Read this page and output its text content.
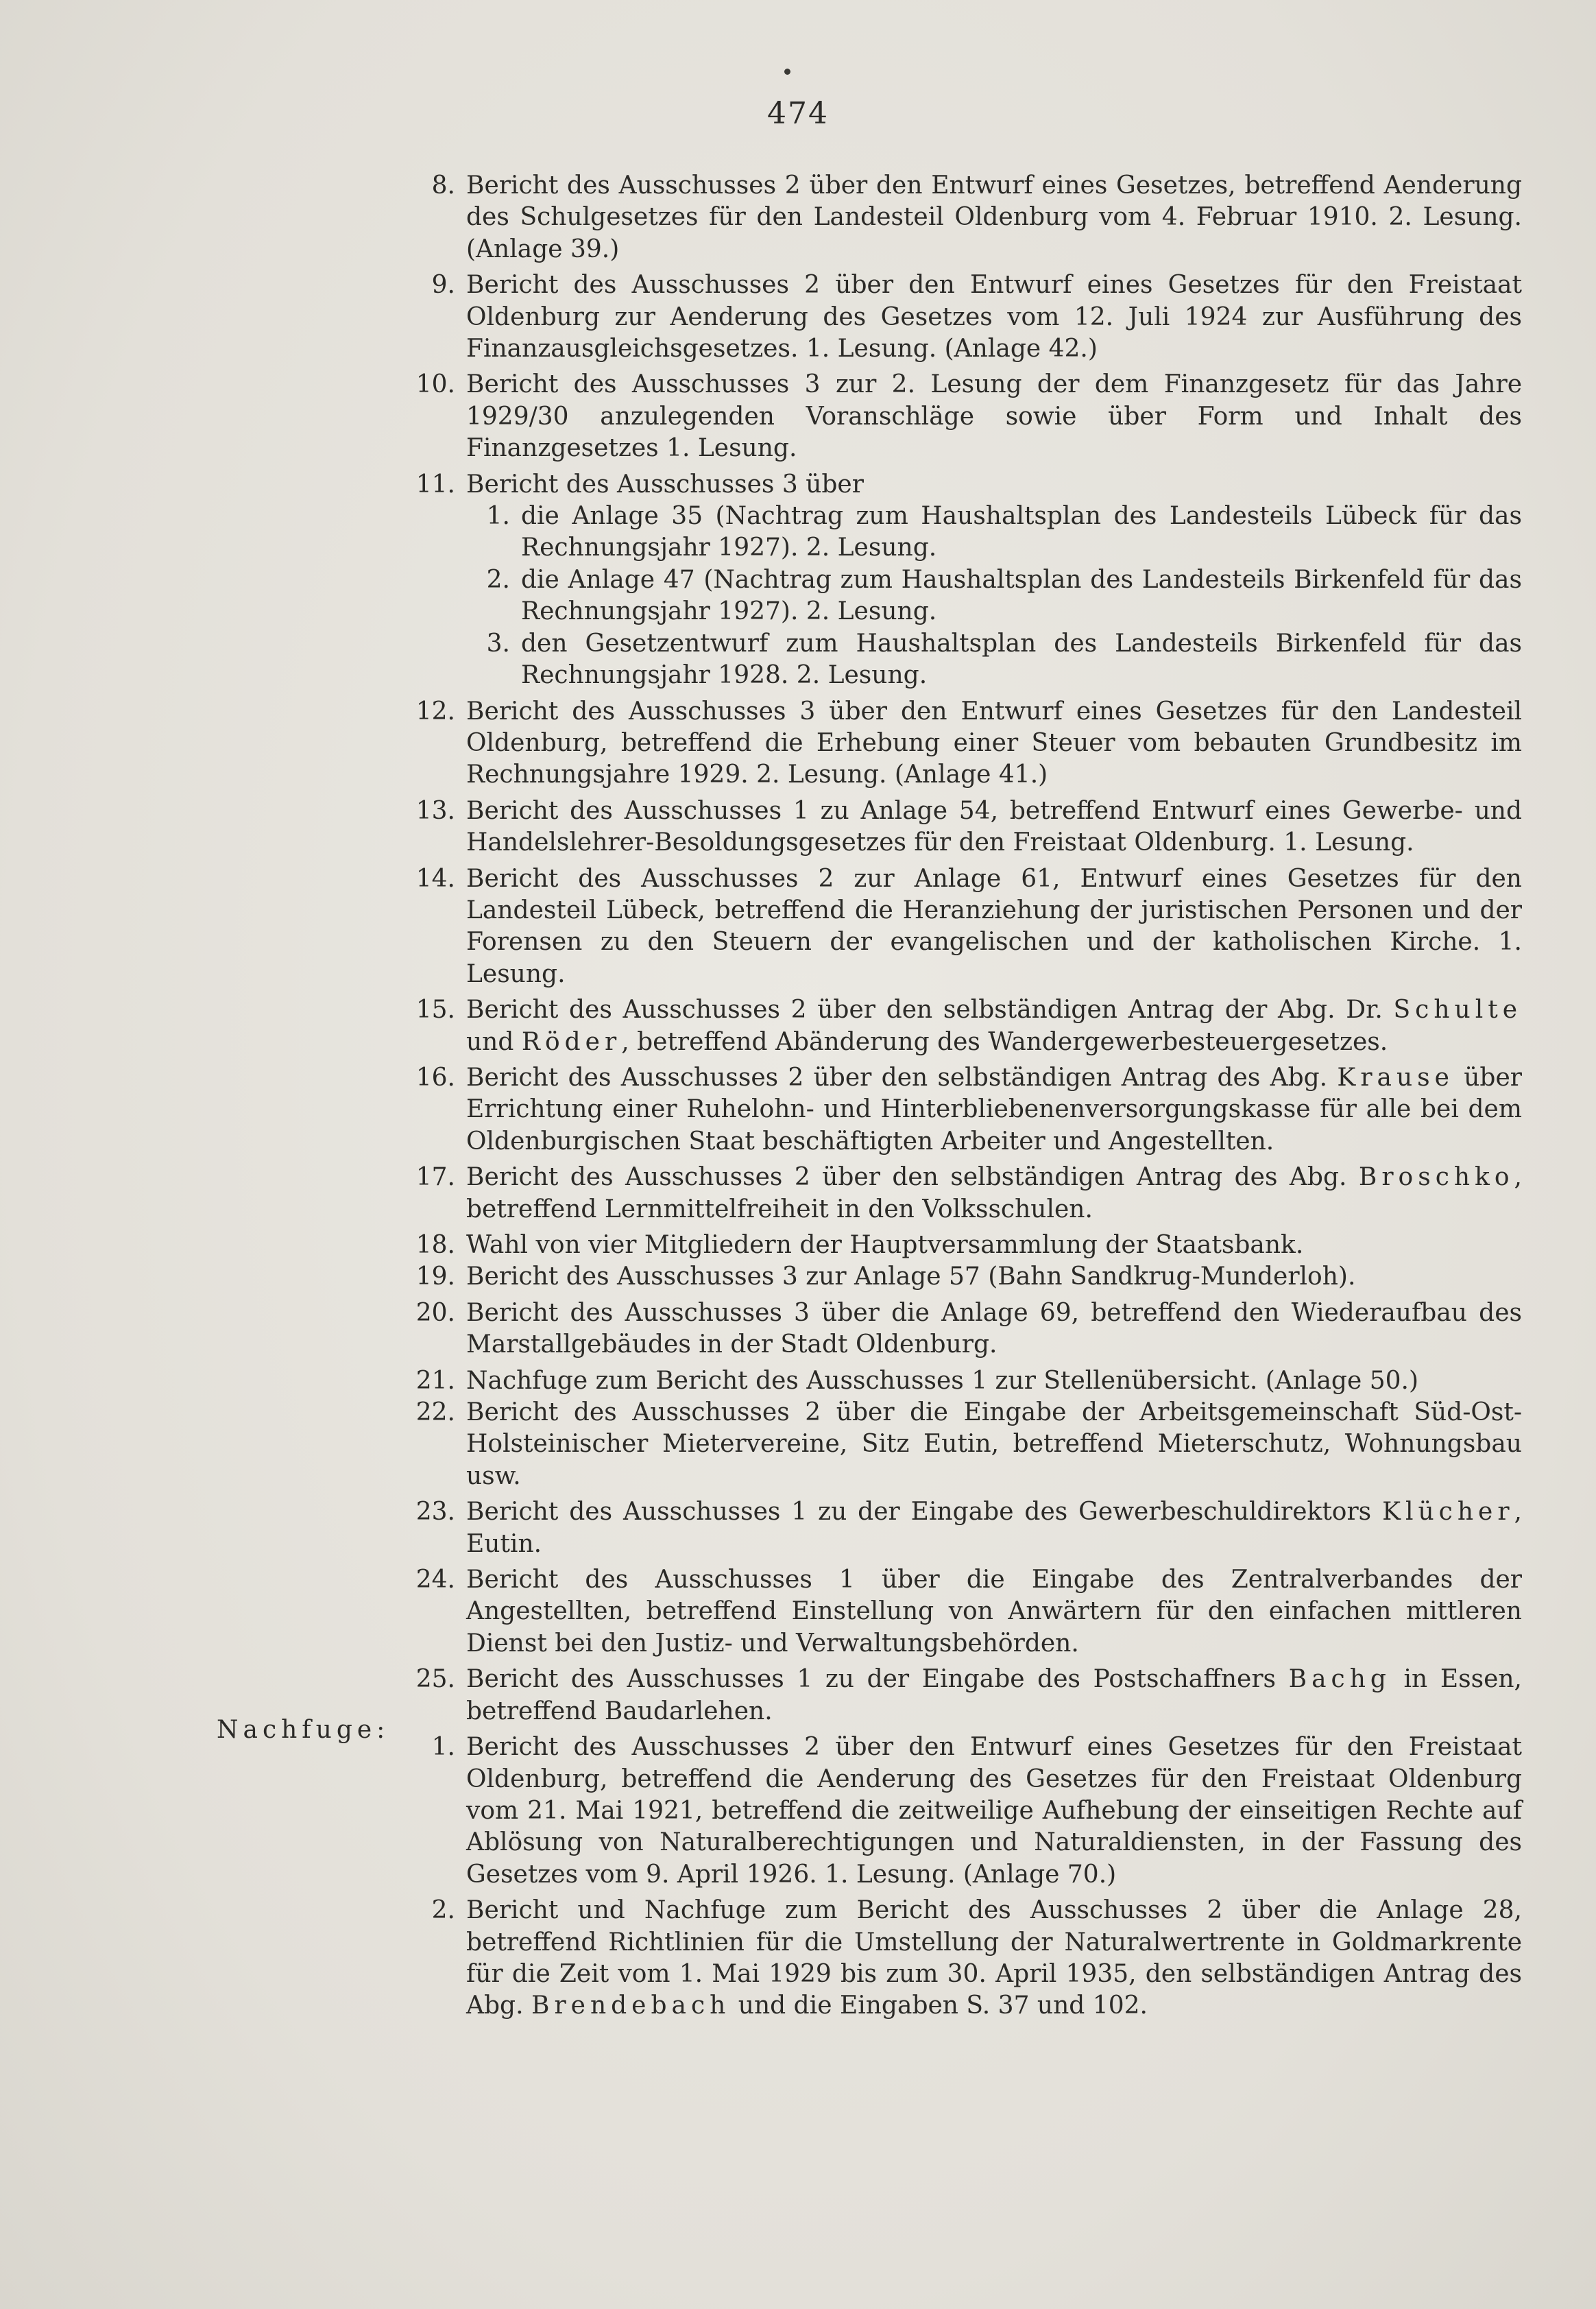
474
8. Bericht des Ausschusses 2 über den Entwurf eines Gesetzes, betreffend Aenderung des Schulgesetzes für den Landesteil Oldenburg vom 4. Februar 1910. 2. Lesung. (Anlage 39.)
9. Bericht des Ausschusses 2 über den Entwurf eines Gesetzes für den Freistaat Oldenburg zur Aenderung des Gesetzes vom 12. Juli 1924 zur Ausführung des Finanzausgleichsgesetzes. 1. Lesung. (Anlage 42.)
10. Bericht des Ausschusses 3 zur 2. Lesung der dem Finanzgesetz für das Jahre 1929/30 anzulegenden Voranschläge sowie über Form und Inhalt des Finanzgesetzes 1. Lesung.
11. Bericht des Ausschusses 3 über
1. die Anlage 35 (Nachtrag zum Haushaltsplan des Landesteils Lübeck für das Rechnungsjahr 1927). 2. Lesung.
2. die Anlage 47 (Nachtrag zum Haushaltsplan des Landesteils Birkenfeld für das Rechnungsjahr 1927). 2. Lesung.
3. den Gesetzentwurf zum Haushaltsplan des Landesteils Birkenfeld für das Rechnungsjahr 1928. 2. Lesung.
12. Bericht des Ausschusses 3 über den Entwurf eines Gesetzes für den Landesteil Oldenburg, betreffend die Erhebung einer Steuer vom bebauten Grundbesitz im Rechnungsjahre 1929. 2. Lesung. (Anlage 41.)
13. Bericht des Ausschusses 1 zu Anlage 54, betreffend Entwurf eines Gewerbe- und Handelslehrer-Besoldungsgesetzes für den Freistaat Oldenburg. 1. Lesung.
14. Bericht des Ausschusses 2 zur Anlage 61, Entwurf eines Gesetzes für den Landesteil Lübeck, betreffend die Heranziehung der juristischen Personen und der Forensen zu den Steuern der evangelischen und der katholischen Kirche. 1. Lesung.
15. Bericht des Ausschusses 2 über den selbständigen Antrag der Abg. Dr. Schulte und Röder, betreffend Abänderung des Wandergewerbesteuergesetzes.
16. Bericht des Ausschusses 2 über den selbständigen Antrag des Abg. Krause über Errichtung einer Ruhelohn- und Hinterbliebenenversorgungskasse für alle bei dem Oldenburgischen Staat beschäftigten Arbeiter und Angestellten.
17. Bericht des Ausschusses 2 über den selbständigen Antrag des Abg. Broschko, betreffend Lernmittelfreiheit in den Volksschulen.
18. Wahl von vier Mitgliedern der Hauptversammlung der Staatsbank.
19. Bericht des Ausschusses 3 zur Anlage 57 (Bahn Sandkrug-Munderloh).
20. Bericht des Ausschusses 3 über die Anlage 69, betreffend den Wiederaufbau des Marstallgebäudes in der Stadt Oldenburg.
21. Nachfuge zum Bericht des Ausschusses 1 zur Stellenübersicht. (Anlage 50.)
22. Bericht des Ausschusses 2 über die Eingabe der Arbeitsgemeinschaft Süd-Ost-Holsteinischer Mietervereine, Sitz Eutin, betreffend Mieterschutz, Wohnungsbau usw.
23. Bericht des Ausschusses 1 zu der Eingabe des Gewerbeschuldirektors Klücher, Eutin.
24. Bericht des Ausschusses 1 über die Eingabe des Zentralverbandes der Angestellten, betreffend Einstellung von Anwärtern für den einfachen mittleren Dienst bei den Justiz- und Verwaltungsbehörden.
25. Bericht des Ausschusses 1 zu der Eingabe des Postschaffners Bachg in Essen, betreffend Baudarlehen.
1. Bericht des Ausschusses 2 über den Entwurf eines Gesetzes für den Freistaat Oldenburg, betreffend die Aenderung des Gesetzes für den Freistaat Oldenburg vom 21. Mai 1921, betreffend die zeitweilige Aufhebung der einseitigen Rechte auf Ablösung von Naturalberechtigungen und Naturaldiensten, in der Fassung des Gesetzes vom 9. April 1926. 1. Lesung. (Anlage 70.)
2. Bericht und Nachfuge zum Bericht des Ausschusses 2 über die Anlage 28, betreffend Richtlinien für die Umstellung der Naturalwertrente in Goldmarkrente für die Zeit vom 1. Mai 1929 bis zum 30. April 1935, den selbständigen Antrag des Abg. Brendebach und die Eingaben S. 37 und 102.
Nachfuge:
